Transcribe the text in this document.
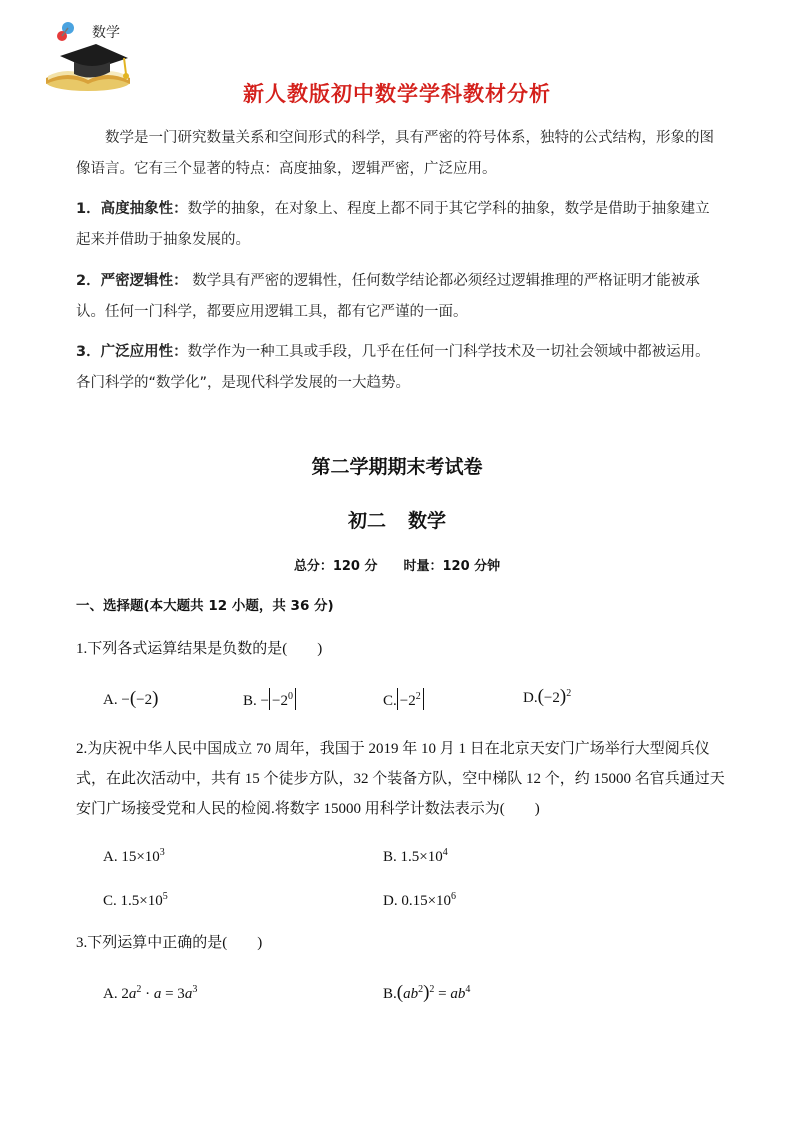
数学
新人教版初中数学学科教材分析
数学是一门研究数量关系和空间形式的科学，具有严密的符号体系，独特的公式结构，形象的图像语言。它有三个显著的特点：高度抽象，逻辑严密，广泛应用。
1．高度抽象性：数学的抽象，在对象上、程度上都不同于其它学科的抽象，数学是借助于抽象建立起来并借助于抽象发展的。
2．严密逻辑性： 数学具有严密的逻辑性，任何数学结论都必须经过逻辑推理的严格证明才能被承认。任何一门科学，都要应用逻辑工具，都有它严谨的一面。
3．广泛应用性：数学作为一种工具或手段，几乎在任何一门科学技术及一切社会领域中都被运用。各门科学的“数学化”，是现代科学发展的一大趋势。
第二学期期末考试卷
初二 数学
总分：120 分 时量：120 分钟
一、选择题(本大题共 12 小题，共 36 分)
1.下列各式运算结果是负数的是(　　)
A. −(−2)	B. − $-2^0$	C. $-2^2$	$D.(-2)^2$
2.为庆祝中华人民中国成立 70 周年，我国于 2019 年 10 月 1 日在北京天安门广场举行大型阅兵仪式，在此次活动中，共有 15 个徒步方队，32 个装备方队，空中梯队 12 个，约 15000 名官兵通过天安门广场接受党和人民的检阅.将数字 15000 用科学计数法表示为(　　)
A. $15\times 10^3$	B. $1.5\times 10^4$
C. $1.5\times 10^5$	D. $0.15\times 10^6$
3.下列运算中正确的是(　　)
A. $2a^2 \cdot a = 3a^3$	$B.(ab^2)^2 = ab^4$
